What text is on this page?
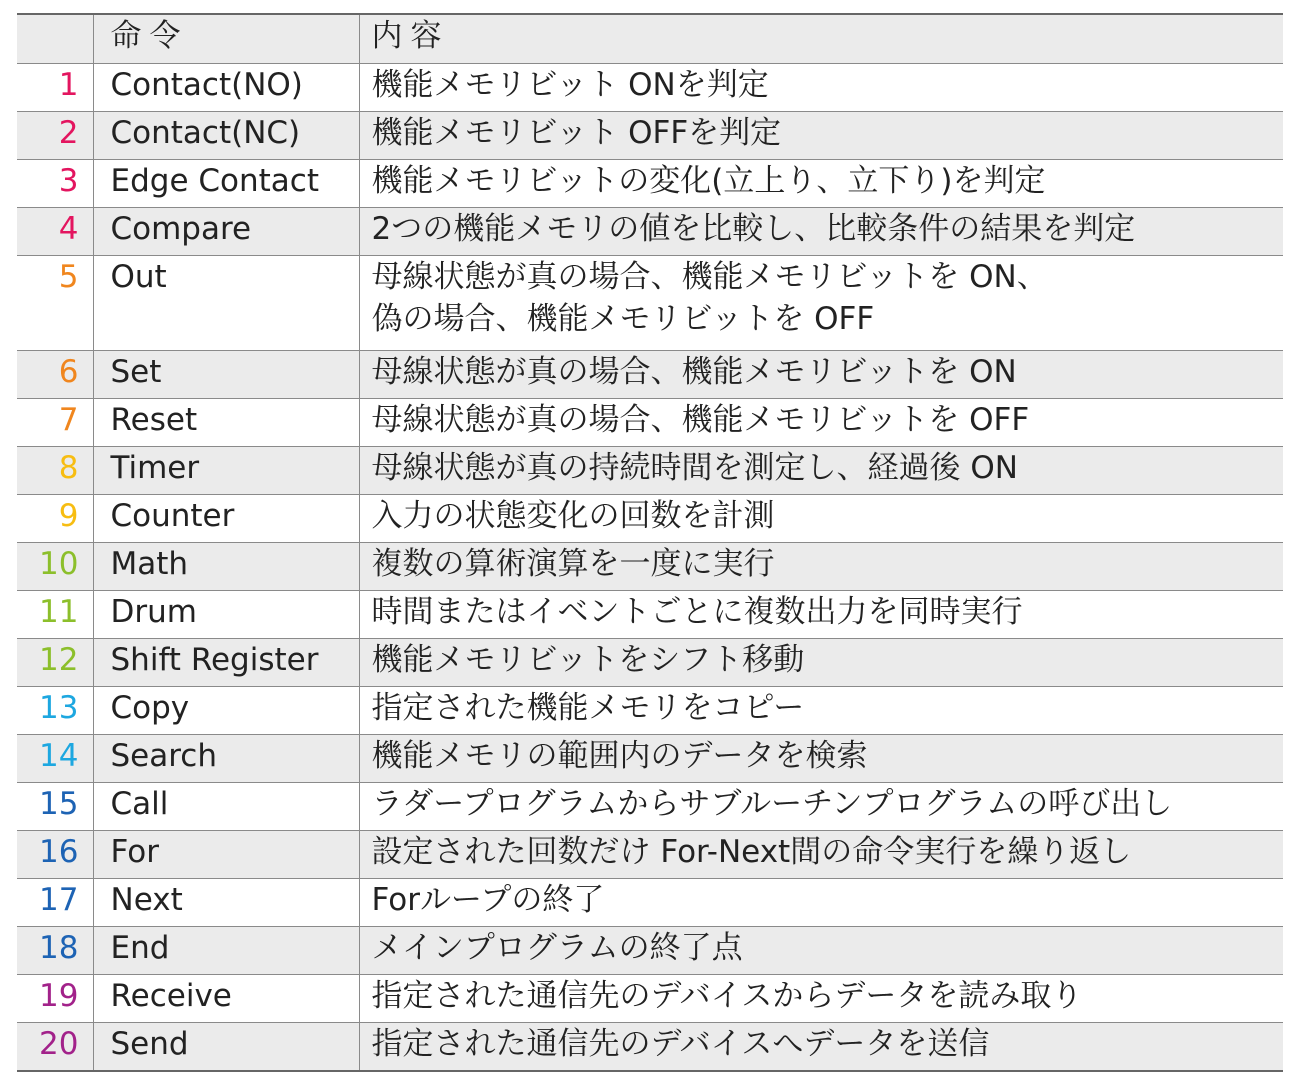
	命令	内容
1	Contact(NO)	機能メモリビット ONを判定
2	Contact(NC)	機能メモリビット OFFを判定
3	Edge Contact	機能メモリビットの変化(立上り、立下り)を判定
4	Compare	2つの機能メモリの値を比較し、比較条件の結果を判定
5	Out	母線状態が真の場合、機能メモリビットを ON、
偽の場合、機能メモリビットを OFF
6	Set	母線状態が真の場合、機能メモリビットを ON
7	Reset	母線状態が真の場合、機能メモリビットを OFF
8	Timer	母線状態が真の持続時間を測定し、経過後 ON
9	Counter	入力の状態変化の回数を計測
10	Math	複数の算術演算を一度に実行
11	Drum	時間またはイベントごとに複数出力を同時実行
12	Shift Register	機能メモリビットをシフト移動
13	Copy	指定された機能メモリをコピー
14	Search	機能メモリの範囲内のデータを検索
15	Call	ラダープログラムからサブルーチンプログラムの呼び出し
16	For	設定された回数だけ For-Next間の命令実行を繰り返し
17	Next	Forループの終了
18	End	メインプログラムの終了点
19	Receive	指定された通信先のデバイスからデータを読み取り
20	Send	指定された通信先のデバイスへデータを送信
